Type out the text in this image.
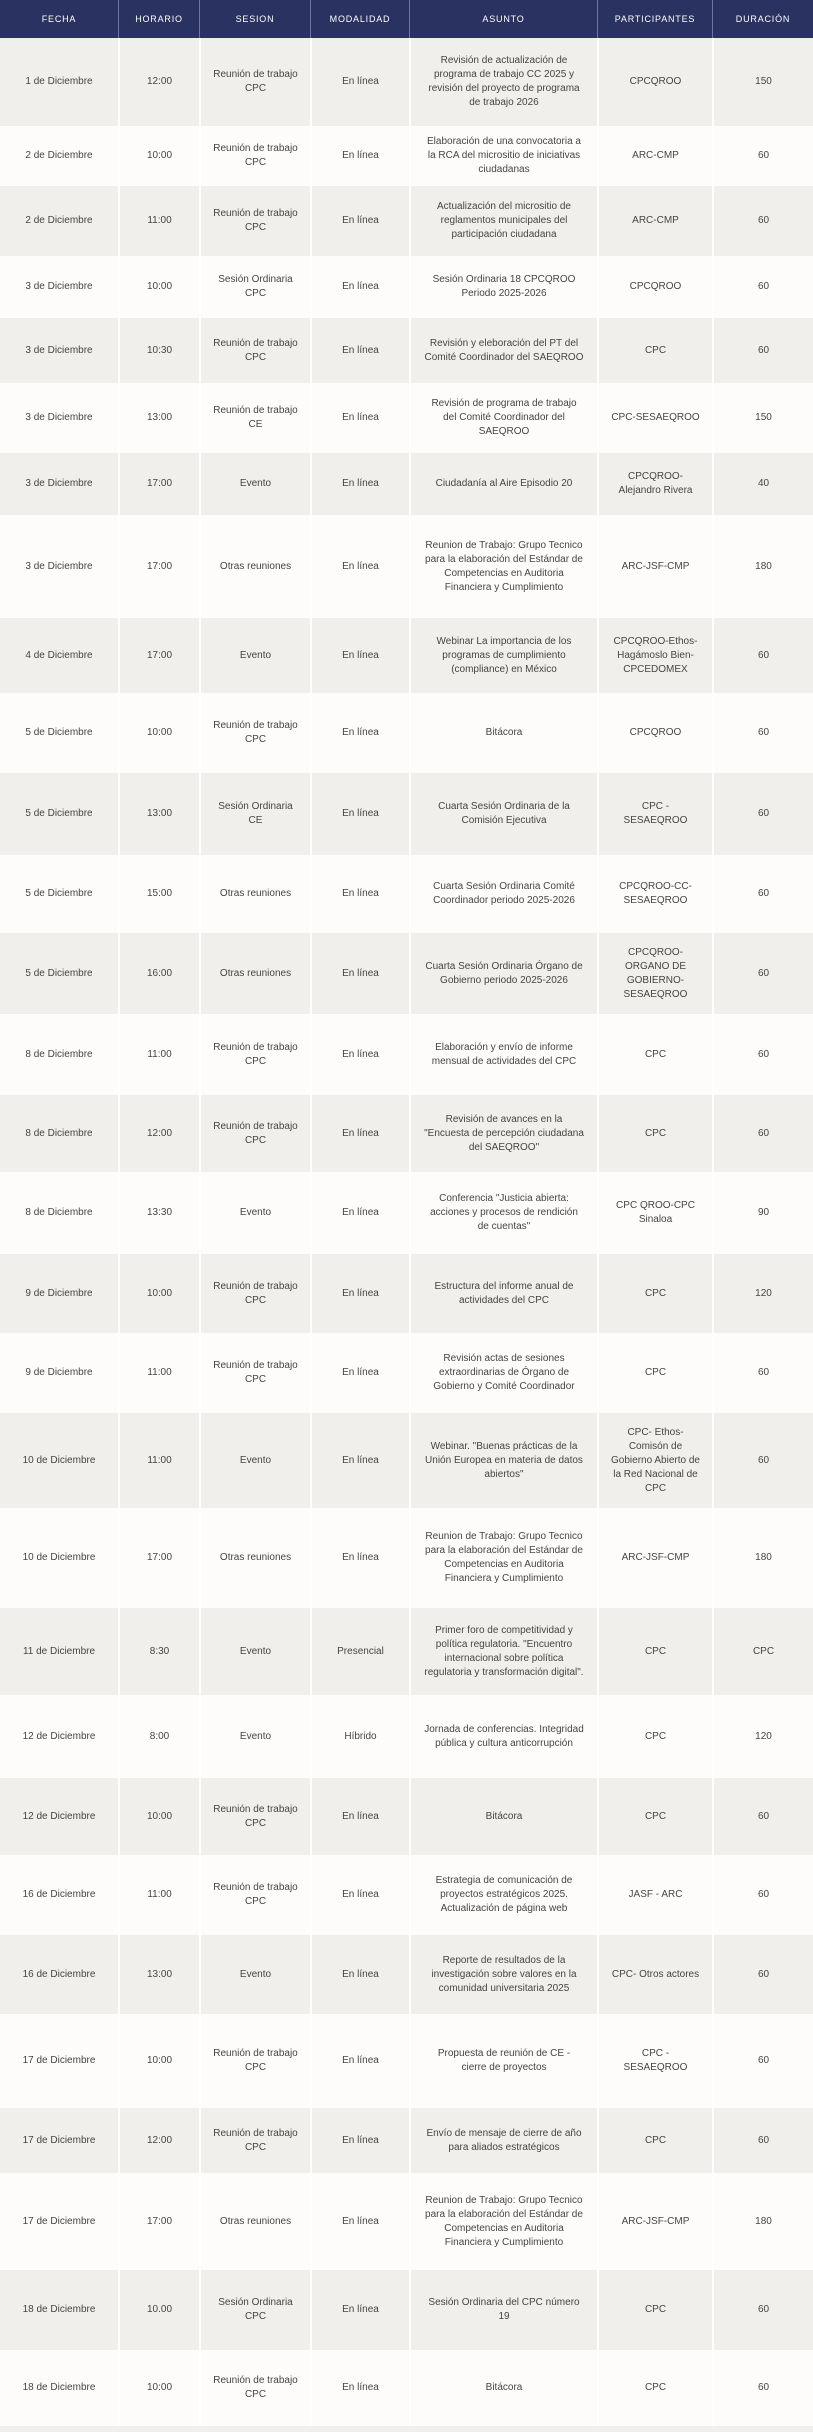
FECHA	HORARIO	SESION	MODALIDAD	ASUNTO	PARTICIPANTES	DURACIÓN
1 de Diciembre	12:00	Reunión de trabajo CPC	En línea	Revisión de actualización de programa de trabajo CC 2025 y revisión del proyecto de programa de trabajo 2026	CPCQROO	150
2 de Diciembre	10:00	Reunión de trabajo CPC	En línea	Elaboración de una convocatoria a la RCA del micrositio de iniciativas ciudadanas	ARC-CMP	60
2 de Diciembre	11:00	Reunión de trabajo CPC	En línea	Actualización del micrositio de reglamentos municipales del participación ciudadana	ARC-CMP	60
3 de Diciembre	10:00	Sesión Ordinaria CPC	En línea	Sesión Ordinaria 18 CPCQROO Periodo 2025-2026	CPCQROO	60
3 de Diciembre	10:30	Reunión de trabajo CPC	En línea	Revisión y eleboración del PT del Comité Coordinador del SAEQROO	CPC	60
3 de Diciembre	13:00	Reunión de trabajo CE	En línea	Revisión de programa de trabajo del Comité Coordinador del SAEQROO	CPC-SESAEQROO	150
3 de Diciembre	17:00	Evento	En línea	Ciudadanía al Aire Episodio 20	CPCQROO-Alejandro Rivera	40
3 de Diciembre	17:00	Otras reuniones	En línea	Reunion de Trabajo: Grupo Tecnico para la elaboración del Estándar de Competencias en Auditoria Financiera y Cumplimiento	ARC-JSF-CMP	180
4 de Diciembre	17:00	Evento	En línea	Webinar La importancia de los programas de cumplimiento (compliance) en México	CPCQROO-Ethos-Hagámoslo Bien-CPCEDOMEX	60
5 de Diciembre	10:00	Reunión de trabajo CPC	En línea	Bitácora	CPCQROO	60
5 de Diciembre	13:00	Sesión Ordinaria CE	En línea	Cuarta Sesión Ordinaria de la Comisión Ejecutiva	CPC - SESAEQROO	60
5 de Diciembre	15:00	Otras reuniones	En línea	Cuarta Sesión Ordinaria Comité Coordinador periodo 2025-2026	CPCQROO-CC-SESAEQROO	60
5 de Diciembre	16:00	Otras reuniones	En línea	Cuarta Sesión Ordinaria Órgano de Gobierno periodo 2025-2026	CPCQROO-ORGANO DE GOBIERNO-SESAEQROO	60
8 de Diciembre	11:00	Reunión de trabajo CPC	En línea	Elaboración y envío de informe mensual de actividades del CPC	CPC	60
8 de Diciembre	12:00	Reunión de trabajo CPC	En línea	Revisión de avances en la "Encuesta de percepción ciudadana del SAEQROO"	CPC	60
8 de Diciembre	13:30	Evento	En línea	Conferencia "Justicia abierta: acciones y procesos de rendición de cuentas"	CPC QROO-CPC Sinaloa	90
9 de Diciembre	10:00	Reunión de trabajo CPC	En línea	Estructura del informe anual de actividades del CPC	CPC	120
9 de Diciembre	11:00	Reunión de trabajo CPC	En línea	Revisión actas de sesiones extraordinarias de Órgano de Gobierno y Comité Coordinador	CPC	60
10 de Diciembre	11:00	Evento	En línea	Webinar. "Buenas prácticas de la Unión Europea en materia de datos abiertos"	CPC- Ethos-Comisón de Gobierno Abierto de la Red Nacional de CPC	60
10 de Diciembre	17:00	Otras reuniones	En línea	Reunion de Trabajo: Grupo Tecnico para la elaboración del Estándar de Competencias en Auditoria Financiera y Cumplimiento	ARC-JSF-CMP	180
11 de Diciembre	8:30	Evento	Presencial	Primer foro de competitividad y política regulatoria. "Encuentro internacional sobre política regulatoria y transformación digital".	CPC	CPC
12 de Diciembre	8:00	Evento	Híbrido	Jornada de conferencias. Integridad pública y cultura anticorrupción	CPC	120
12 de Diciembre	10:00	Reunión de trabajo CPC	En línea	Bitácora	CPC	60
16 de Diciembre	11:00	Reunión de trabajo CPC	En línea	Estrategia de comunicación de proyectos estratégicos 2025. Actualización de página web	JASF - ARC	60
16 de Diciembre	13:00	Evento	En línea	Reporte de resultados de la investigación sobre valores en la comunidad universitaria 2025	CPC- Otros actores	60
17 de Diciembre	10:00	Reunión de trabajo CPC	En línea	Propuesta de reunión de CE - cierre de proyectos	CPC - SESAEQROO	60
17 de Diciembre	12:00	Reunión de trabajo CPC	En línea	Envío de mensaje de cierre de año para aliados estratégicos	CPC	60
17 de Diciembre	17:00	Otras reuniones	En línea	Reunion de Trabajo: Grupo Tecnico para la elaboración del Estándar de Competencias en Auditoria Financiera y Cumplimiento	ARC-JSF-CMP	180
18 de Diciembre	10.00	Sesión Ordinaria CPC	En línea	Sesión Ordinaria del CPC número 19	CPC	60
18 de Diciembre	10:00	Reunión de trabajo CPC	En línea	Bitácora	CPC	60
